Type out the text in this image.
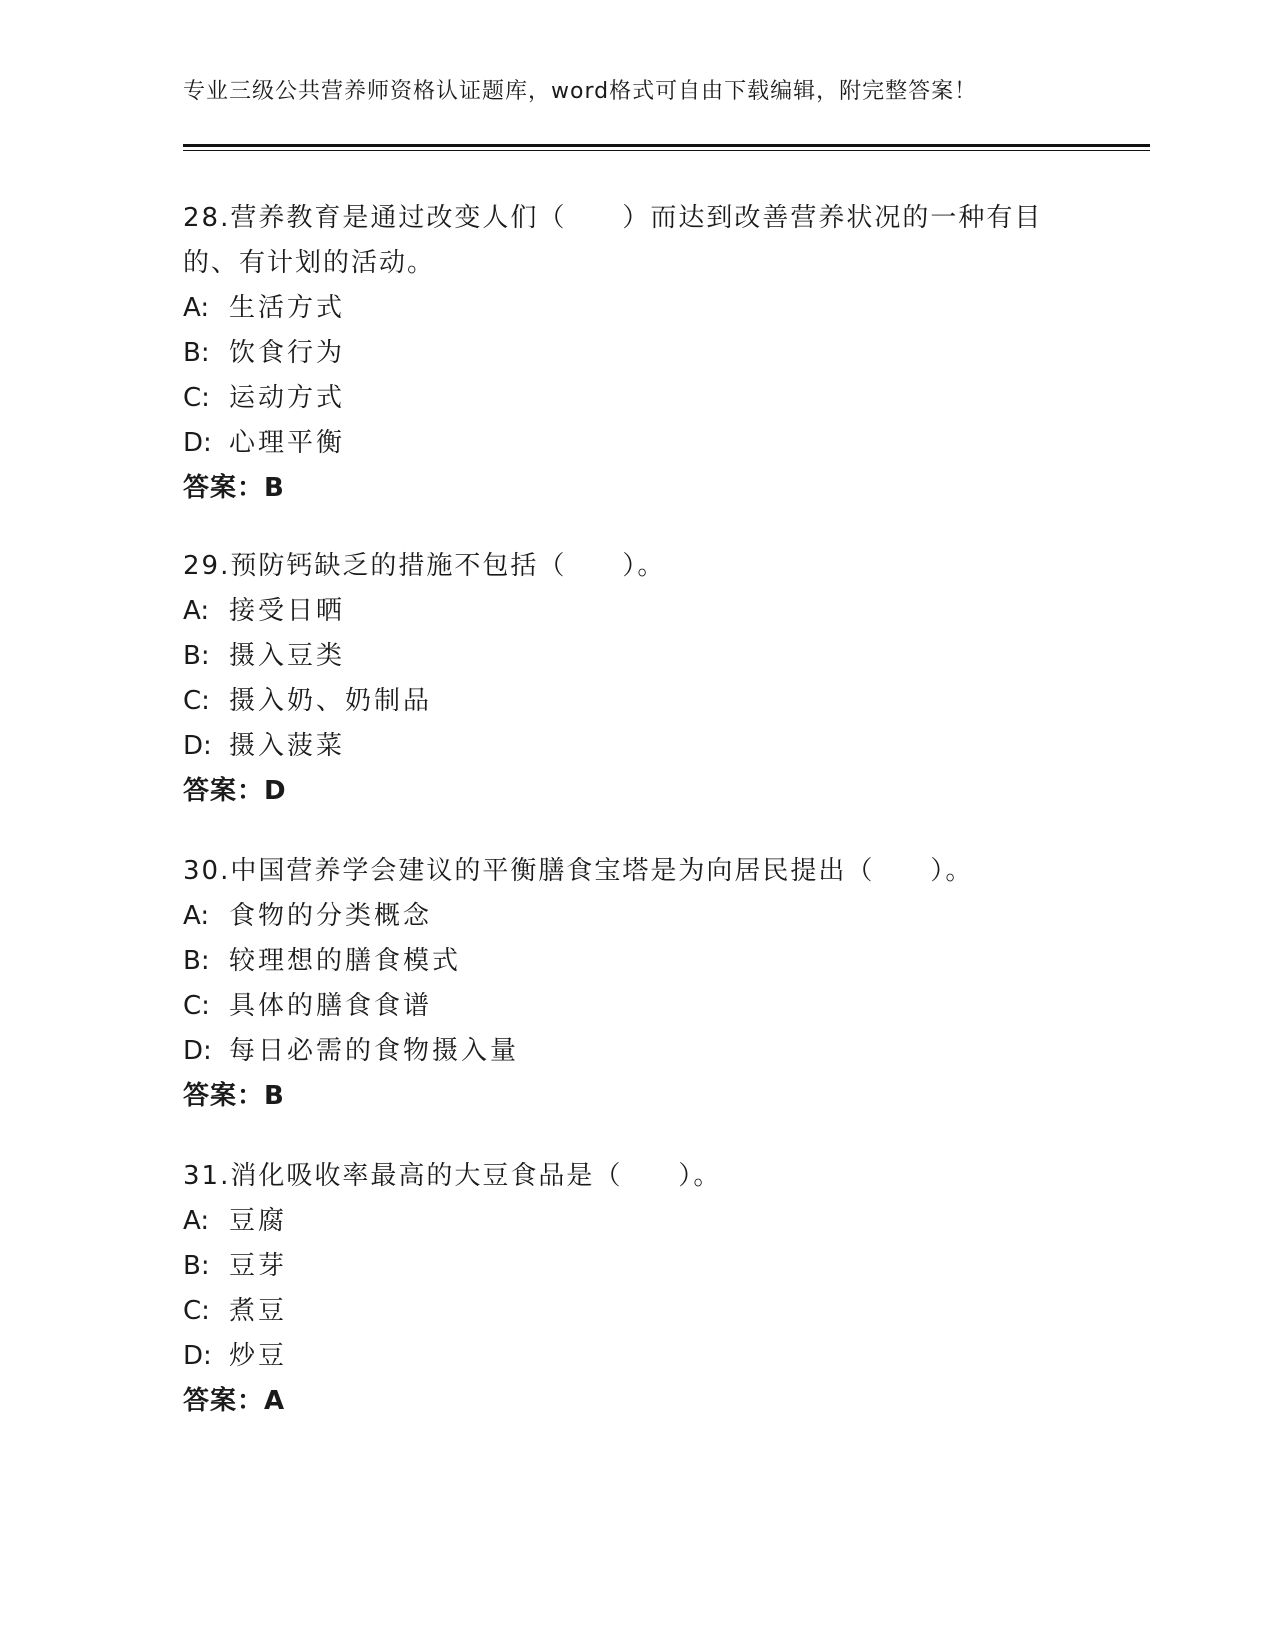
专业三级公共营养师资格认证题库，word格式可自由下载编辑，附完整答案！
28.营养教育是通过改变人们（　　）而达到改善营养状况的一种有目
的、有计划的活动。
A: 生活方式
B: 饮食行为
C: 运动方式
D: 心理平衡
答案：B
29.预防钙缺乏的措施不包括（　　）。
A: 接受日晒
B: 摄入豆类
C: 摄入奶、奶制品
D: 摄入菠菜
答案：D
30.中国营养学会建议的平衡膳食宝塔是为向居民提出（　　）。
A: 食物的分类概念
B: 较理想的膳食模式
C: 具体的膳食食谱
D: 每日必需的食物摄入量
答案：B
31.消化吸收率最高的大豆食品是（　　）。
A: 豆腐
B: 豆芽
C: 煮豆
D: 炒豆
答案：A
